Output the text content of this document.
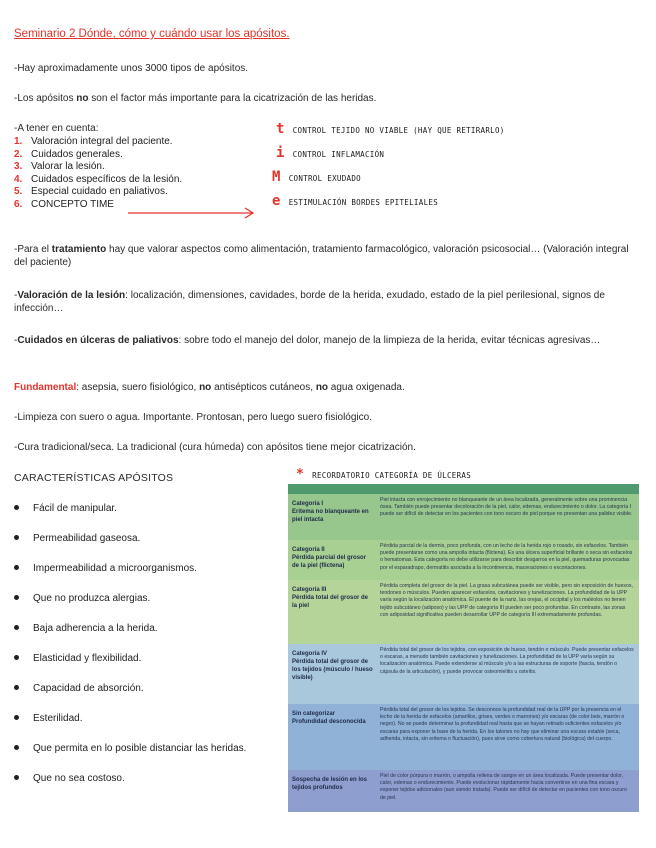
Seminario 2 Dónde, cómo y cuándo usar los apósitos.
-Hay aproximadamente unos 3000 tipos de apósitos.
-Los apósitos no son el factor más importante para la cicatrización de las heridas.
-A tener en cuenta:
1. Valoración integral del paciente.
2. Cuidados generales.
3. Valorar la lesión.
4. Cuidados específicos de la lesión.
5. Especial cuidado en paliativos.
6. CONCEPTO TIME
t CONTROL TEJIDO NO VIABLE (HAY QUE RETIRARLO)
i CONTROL INFLAMACIÓN
M CONTROL EXUDADO
e ESTIMULACIÓN BORDES EPITELIALES
-Para el tratamiento hay que valorar aspectos como alimentación, tratamiento farmacológico, valoración psicosocial… (Valoración integral del paciente)
-Valoración de la lesión: localización, dimensiones, cavidades, borde de la herida, exudado, estado de la piel perilesional, signos de infección…
-Cuidados en úlceras de paliativos: sobre todo el manejo del dolor, manejo de la limpieza de la herida, evitar técnicas agresivas…
Fundamental: asepsia, suero fisiológico, no antisépticos cutáneos, no agua oxigenada.
-Limpieza con suero o agua. Importante. Prontosan, pero luego suero fisiológico.
-Cura tradicional/seca. La tradicional (cura húmeda) con apósitos tiene mejor cicatrización.
CARACTERÍSTICAS APÓSITOS
Fácil de manipular.
Permeabilidad gaseosa.
Impermeabilidad a microorganismos.
Que no produzca alergias.
Baja adherencia a la herida.
Elasticidad y flexibilidad.
Capacidad de absorción.
Esterilidad.
Que permita en lo posible distanciar las heridas.
Que no sea costoso.
* RECORDATORIO CATEGORÍA DE ÚLCERAS
Categoría I
Eritema no blanqueante en piel intacta
Piel intacta con enrojecimiento no blanqueante de un área localizada, generalmente sobre una prominencia ósea. También puede presentar decoloración de la piel, calor, edemas, endurecimiento o dolor. La categoría I puede ser difícil de detectar en los pacientes con tono oscuro de piel porque no presentan una palidez visible.
Categoría II
Pérdida parcial del grosor de la piel (flictena)
Pérdida parcial de la dermis, poco profunda, con un lecho de la herida rojo o rosado, sin esfacelos. También puede presentarse como una ampolla intacta (flictena). Es una úlcera superficial brillante o seca sin esfacelos o hematomas. Esta categoría no debe utilizarse para describir desgarros en la piel, quemaduras provocadas por el esparadrapo, dermatitis asociada a la incontinencia, maceraciones o excoriaciones.
Categoría III
Pérdida total del grosor de la piel
Pérdida completa del grosor de la piel. La grasa subcutánea puede ser visible, pero sin exposición de huesos, tendones o músculos. Pueden aparecer esfacelos, cavitaciones y tunelizaciones. La profundidad de la UPP varía según la localización anatómica. El puente de la nariz, las orejas, el occipital y los maléolos no tienen tejido subcutáneo (adiposo) y las UPP de categoría III pueden ser poco profundas. En contraste, las zonas con adiposidad significativa pueden desarrollar UPP de categoría III extremadamente profundas.
Categoría IV
Pérdida total del grosor de los tejidos (músculo / hueso visible)
Pérdida total del grosor de los tejidos, con exposición de hueso, tendón o músculo. Puede presentar esfacelos o escaras, a menudo también cavitaciones y tunelizaciones. La profundidad de la UPP varía según su localización anatómica. Puede extenderse al músculo y/o a las estructuras de soporte (fascia, tendón o cápsula de la articulación), y puede provocar osteomielitis u osteítis.
Sin categorizar
Profundidad desconocida
Pérdida total del grosor de los tejidos. Se desconoce la profundidad real de la UPP por la presencia en el lecho de la herida de esfacelos (amarillos, grises, verdes o marrones) y/o escaras (de color beis, marrón o negro). No se puede determinar la profundidad real hasta que se hayan retirado suficientes esfacelos y/o escaras para exponer la base de la herida. En los talones no hay que eliminar una escara estable (seca, adherida, intacta, sin eritema o fluctuación), pues sirve como cobertura natural (biológica) del cuerpo.
Sospecha de lesión en los tejidos profundos
Piel de color púrpura o marrón, o ampolla rellena de sangre en un área localizada. Puede presentar dolor, calor, edemas o endurecimiento. Puede evolucionar rápidamente hacia convertirse en una fina escara y exponer tejidos adicionales (aun siendo tratada). Puede ser difícil de detectar en pacientes con tono oscuro de piel.
